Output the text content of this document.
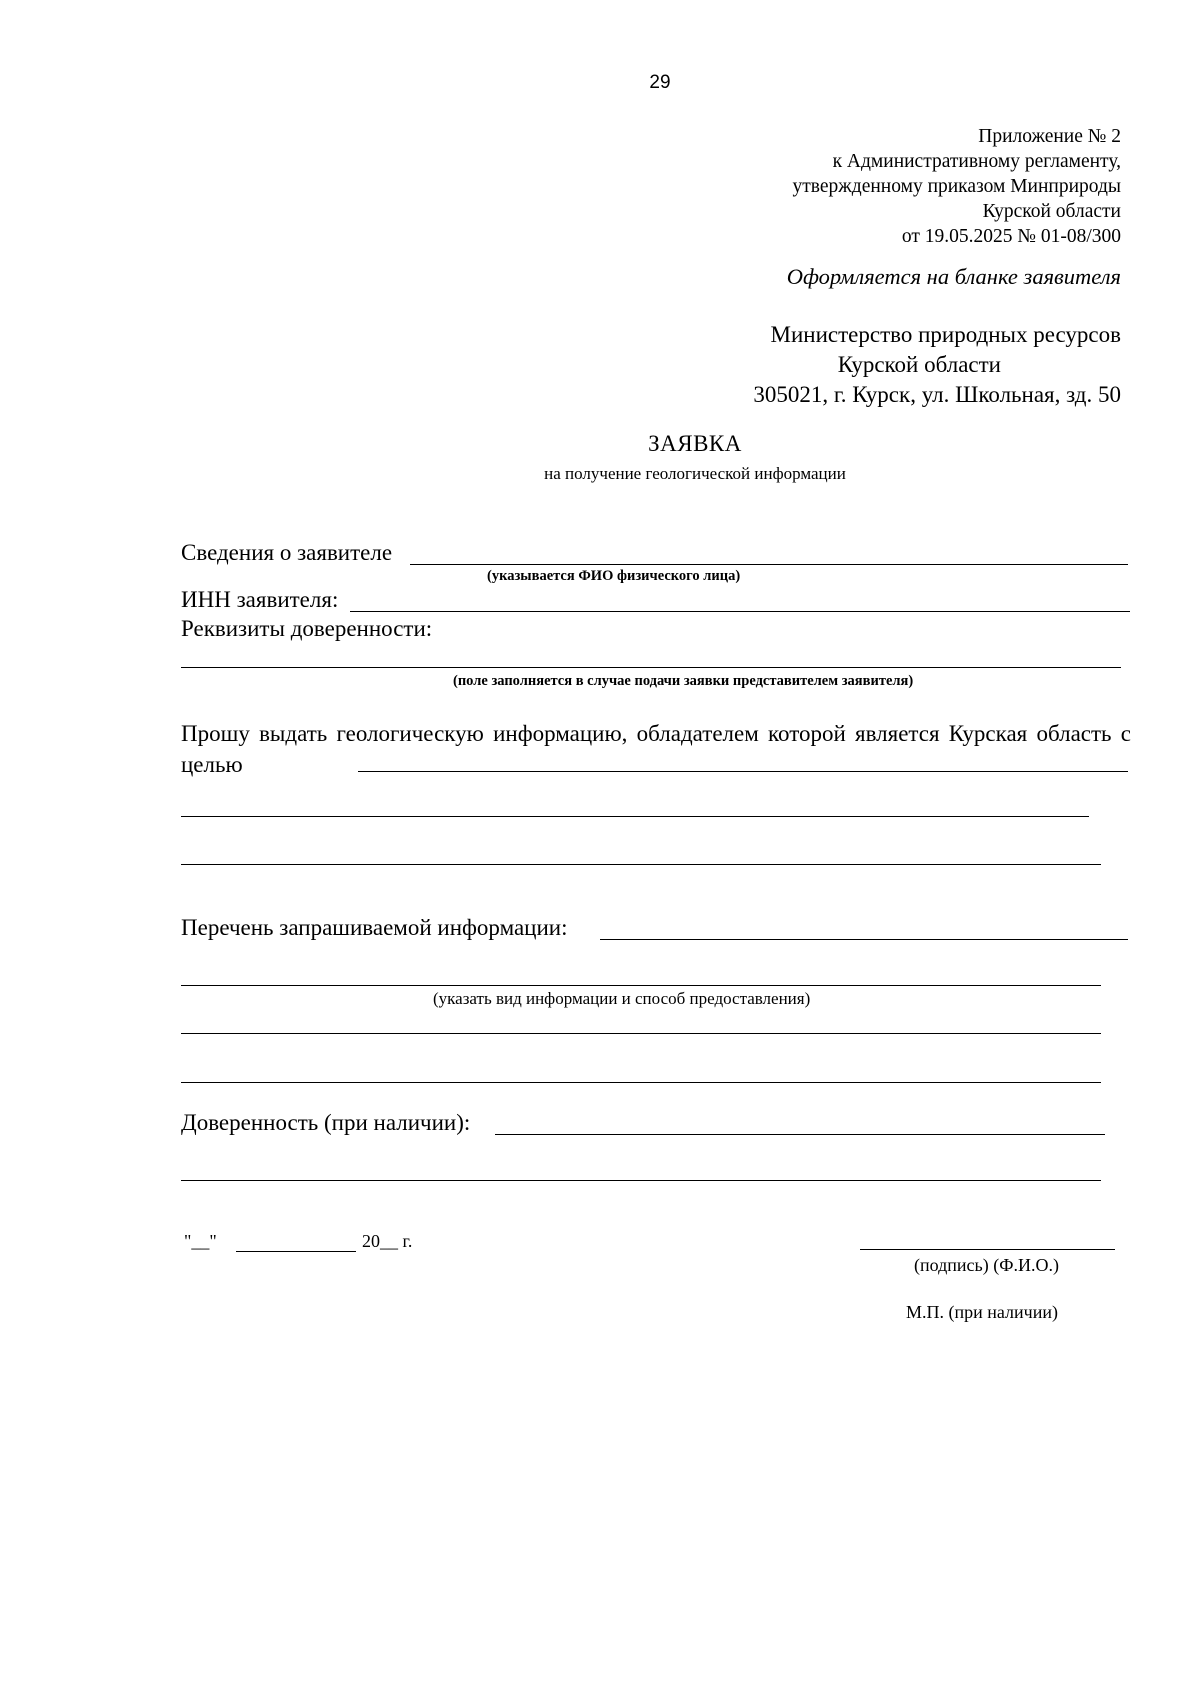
29
Приложение № 2
к Административному регламенту,
утвержденному приказом Минприроды
Курской области
от 19.05.2025 № 01-08/300
Оформляется на бланке заявителя
Министерство природных ресурсов
Курской области
305021, г. Курск, ул. Школьная, зд. 50
ЗАЯВКА
на получение геологической информации
Сведения о заявителе
(указывается ФИО физического лица)
ИНН заявителя:
Реквизиты доверенности:
(поле заполняется в случае подачи заявки представителем заявителя)
Прошу выдать геологическую информацию, обладателем которой является Курская область с целью
Перечень запрашиваемой информации:
(указать вид информации и способ предоставления)
Доверенность (при наличии):
"__"	20__ г.
(подпись) (Ф.И.О.)
М.П. (при наличии)
